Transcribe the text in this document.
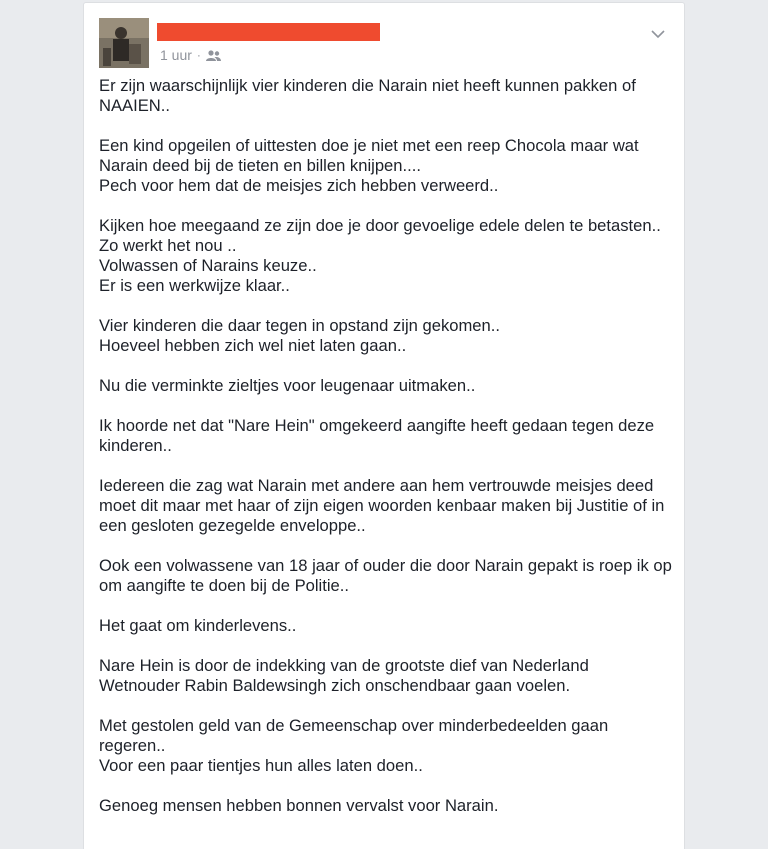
1 uur ·

Er zijn waarschijnlijk vier kinderen die Narain niet heeft kunnen pakken of NAAIEN..

Een kind opgeilen of uittesten doe je niet met een reep Chocola maar wat Narain deed bij de tieten en billen knijpen....
Pech voor hem dat de meisjes zich hebben verweerd..

Kijken hoe meegaand ze zijn doe je door gevoelige edele delen te betasten..
Zo werkt het nou ..
Volwassen of Narains keuze..
Er is een werkwijze klaar..

Vier kinderen die daar tegen in opstand zijn gekomen..
Hoeveel hebben zich wel niet laten gaan..

Nu die verminkte zieltjes voor leugenaar uitmaken..

Ik hoorde net dat "Nare Hein" omgekeerd aangifte heeft gedaan tegen deze kinderen..

Iedereen die zag wat Narain met andere aan hem vertrouwde meisjes deed moet dit maar met haar of zijn eigen woorden kenbaar maken bij Justitie of in een gesloten gezegelde enveloppe..

Ook een volwassene van 18 jaar of ouder die door Narain gepakt is roep ik op om aangifte te doen bij de Politie..

Het gaat om kinderlevens..

Nare Hein is door de indekking van de grootste dief van Nederland Wetnouder Rabin Baldewsingh zich onschendbaar gaan voelen.

Met gestolen geld van de Gemeenschap over minderbedeelden gaan regeren..
Voor een paar tientjes hun alles laten doen..

Genoeg mensen hebben bonnen vervalst voor Narain.
